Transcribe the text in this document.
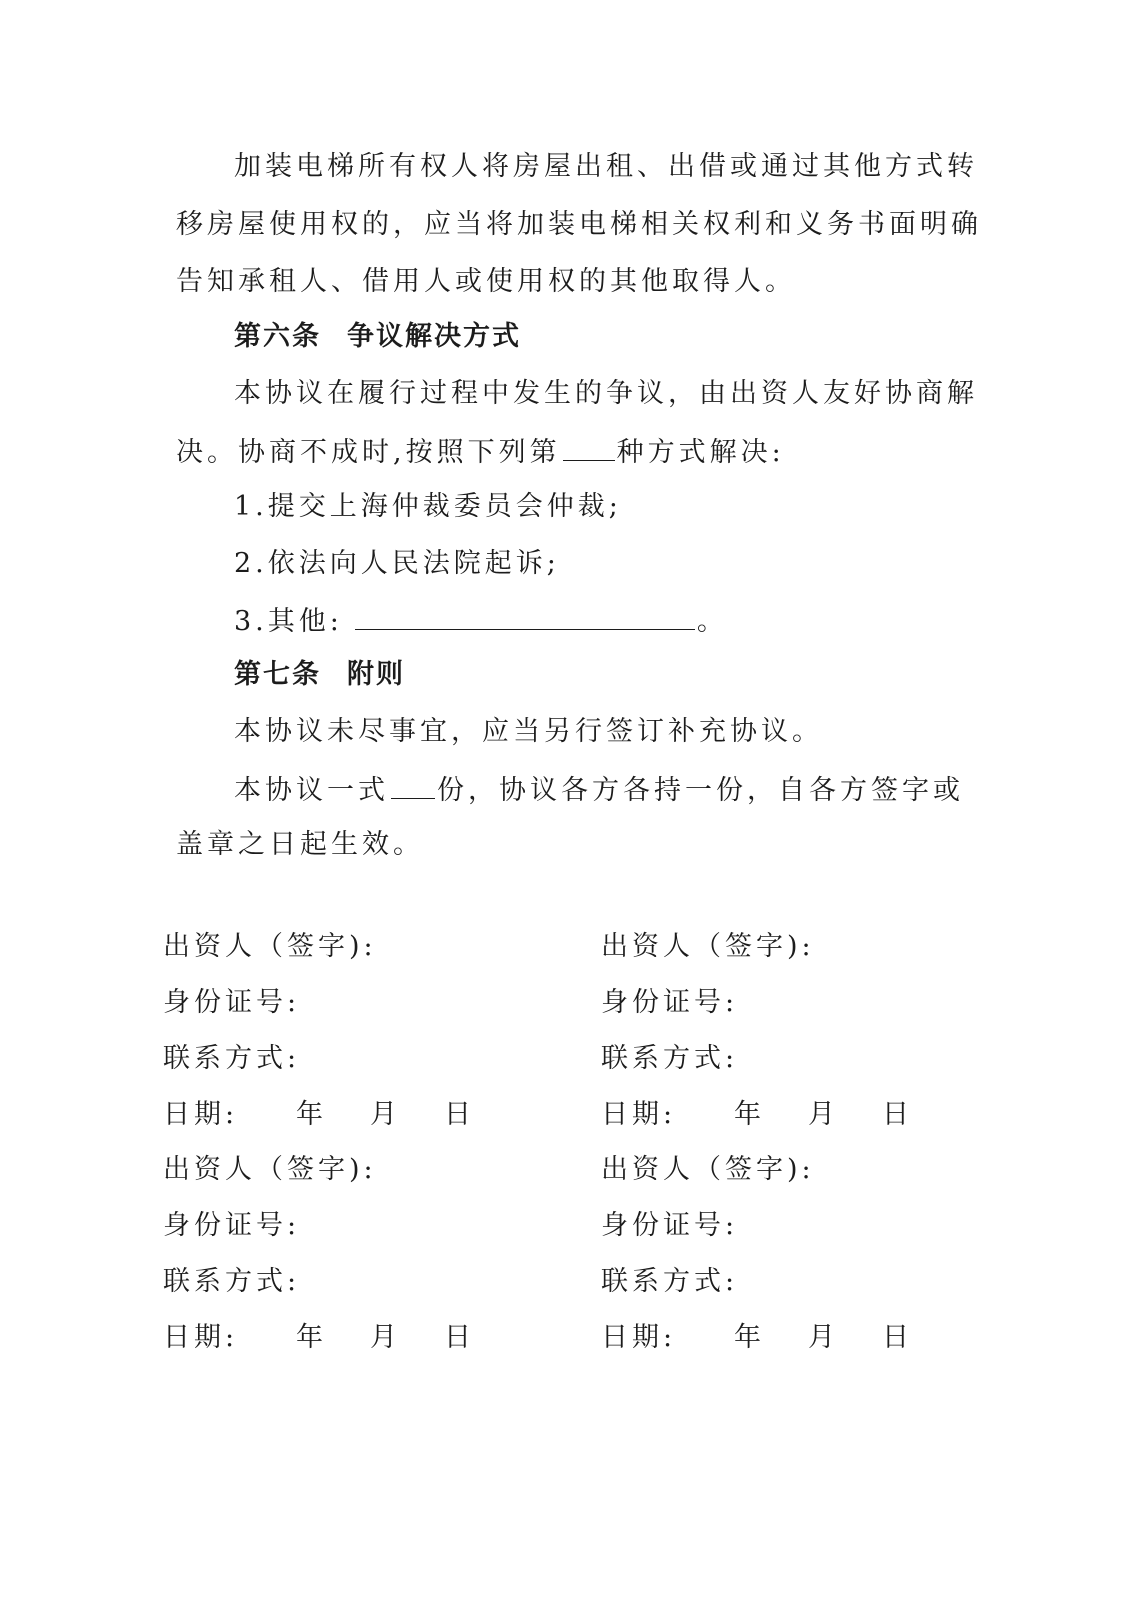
加装电梯所有权人将房屋出租、出借或通过其他方式转
移房屋使用权的，应当将加装电梯相关权利和义务书面明确
告知承租人、借用人或使用权的其他取得人。
第六条 争议解决方式
本协议在履行过程中发生的争议，由出资人友好协商解
决。协商不成时,按照下列第 种方式解决:
1.提交上海仲裁委员会仲裁;
2.依法向人民法院起诉;
3.其他:	。
第七条 附则
本协议未尽事宜，应当另行签订补充协议。
本协议一式 份，协议各方各持一份，自各方签字或
盖章之日起生效。
出资人（签字):
身份证号:
联系方式:
日期: 年 月 日
出资人（签字):
身份证号:
联系方式:
日期: 年 月 日
出资人（签字):
身份证号:
联系方式:
日期: 年 月 日
出资人（签字):
身份证号:
联系方式:
日期: 年 月 日
